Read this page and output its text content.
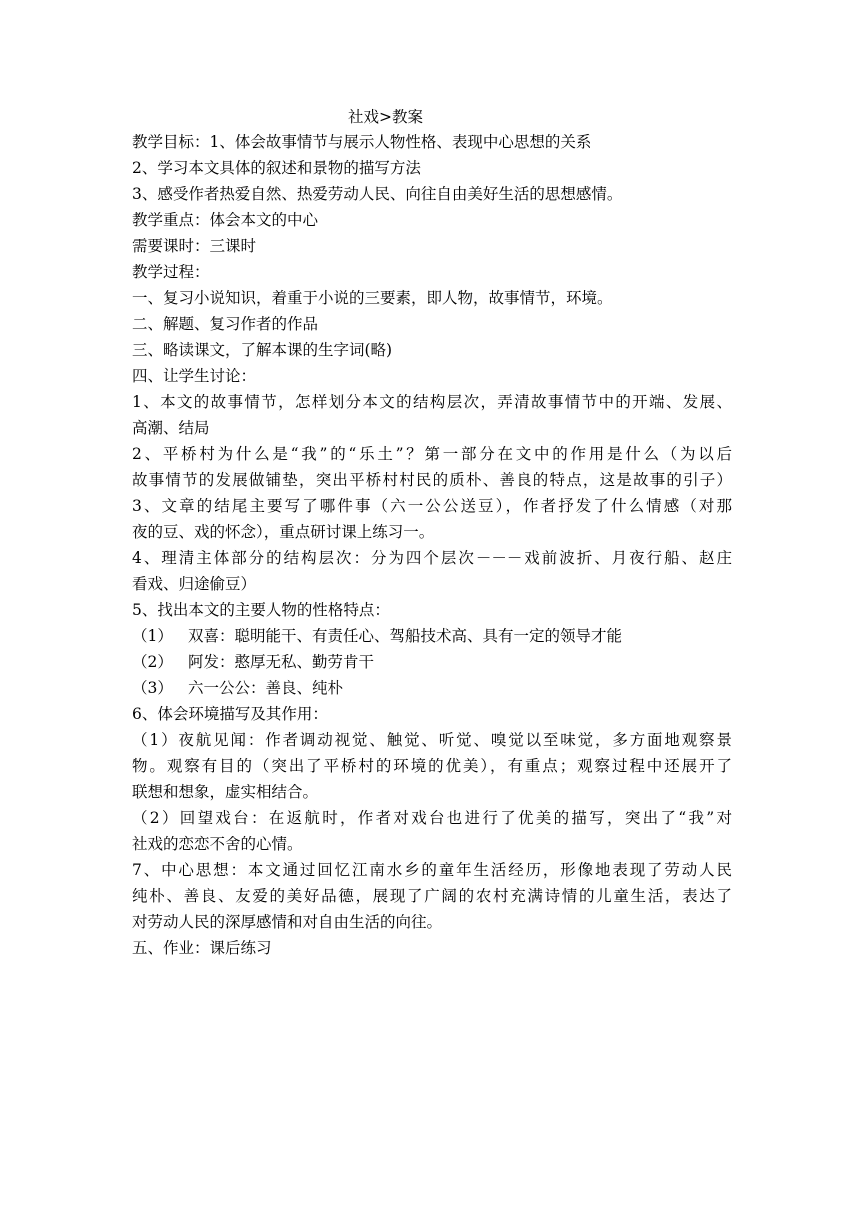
社戏>教案
教学目标：1、体会故事情节与展示人物性格、表现中心思想的关系
2、学习本文具体的叙述和景物的描写方法
3、感受作者热爱自然、热爱劳动人民、向往自由美好生活的思想感情。
教学重点：体会本文的中心
需要课时：三课时
教学过程：
一、复习小说知识，着重于小说的三要素，即人物，故事情节，环境。
二、解题、复习作者的作品
三、略读课文，了解本课的生字词(略)
四、让学生讨论：
1、本文的故事情节，怎样划分本文的结构层次，弄清故事情节中的开端、发展、
高潮、结局
2、平桥村为什么是“我”的“乐土”？第一部分在文中的作用是什么（为以后
故事情节的发展做铺垫，突出平桥村村民的质朴、善良的特点，这是故事的引子）
3、文章的结尾主要写了哪件事（六一公公送豆），作者抒发了什么情感（对那
夜的豆、戏的怀念），重点研讨课上练习一。
4、理清主体部分的结构层次：分为四个层次－－－戏前波折、月夜行船、赵庄
看戏、归途偷豆）
5、找出本文的主要人物的性格特点：
（1） 双喜：聪明能干、有责任心、驾船技术高、具有一定的领导才能
（2） 阿发：憨厚无私、勤劳肯干
（3） 六一公公：善良、纯朴
6、体会环境描写及其作用：
（1）夜航见闻：作者调动视觉、触觉、听觉、嗅觉以至味觉，多方面地观察景
物。观察有目的（突出了平桥村的环境的优美），有重点；观察过程中还展开了
联想和想象，虚实相结合。
（2）回望戏台：在返航时，作者对戏台也进行了优美的描写，突出了“我”对
社戏的恋恋不舍的心情。
7、中心思想：本文通过回忆江南水乡的童年生活经历，形像地表现了劳动人民
纯朴、善良、友爱的美好品德，展现了广阔的农村充满诗情的儿童生活，表达了
对劳动人民的深厚感情和对自由生活的向往。
五、作业：课后练习
